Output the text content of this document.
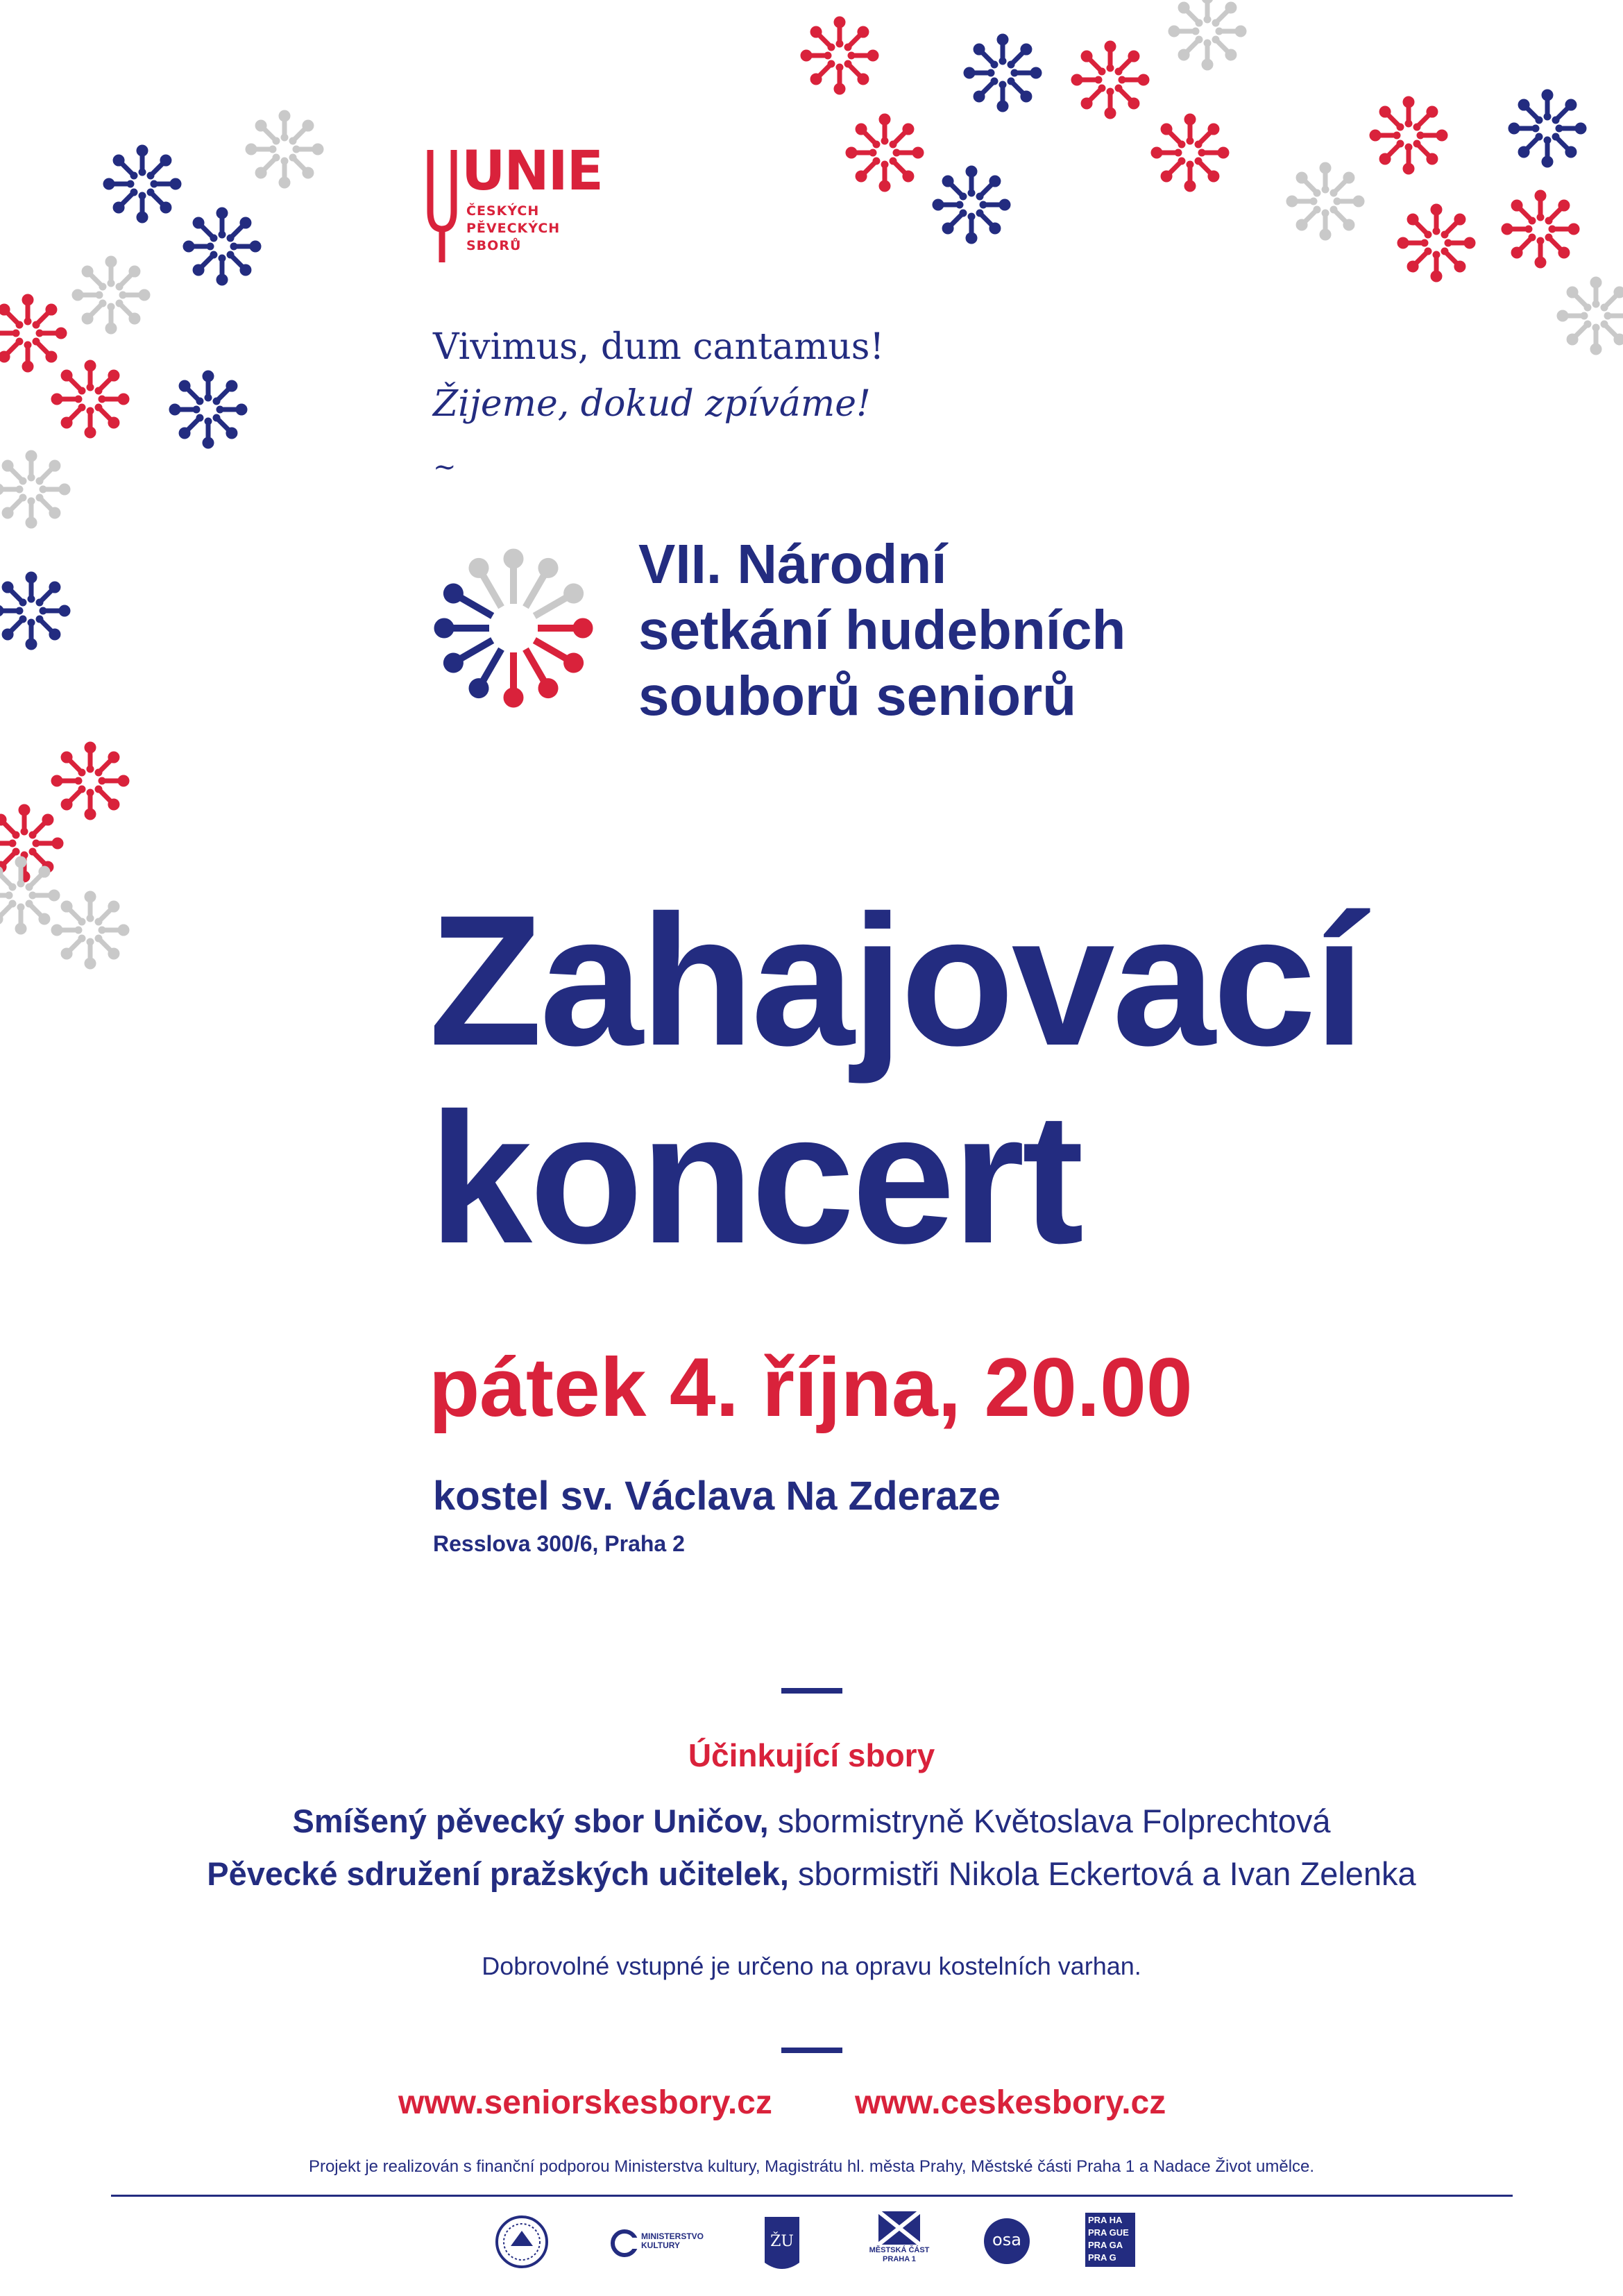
UNIE
ČESKÝCH
PĚVECKÝCH
SBORŮ
Vivimus, dum cantamus!
Žijeme, dokud zpíváme!
~
VII. Národní
setkání hudebních
souborů seniorů
Zahajovací
koncert
pátek 4. října, 20.00
kostel sv. Václava Na Zderaze
Resslova 300/6, Praha 2
Účinkující sbory
Smíšený pěvecký sbor Uničov, sbormistryně Květoslava Folprechtová
Pěvecké sdružení pražských učitelek, sbormistři Nikola Eckertová a Ivan Zelenka
Dobrovolné vstupné je určeno na opravu kostelních varhan.
www.seniorskesbory.cz www.ceskesbory.cz
Projekt je realizován s finanční podporou Ministerstva kultury, Magistrátu hl. města Prahy, Městské části Praha 1 a Nadace Život umělce.
MINISTERSTVO KULTURY	ŽU	MĚSTSKÁ ČÁST
PRAHA 1
osa
PRA HA
PRA GUE
PRA GA
PRA G
